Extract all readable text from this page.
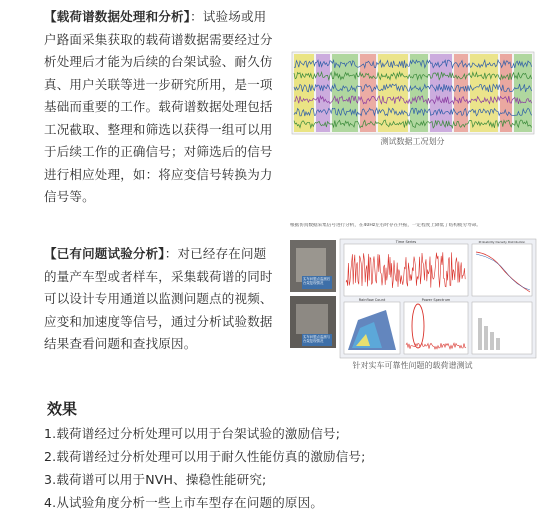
【载荷谱数据处理和分析】：试验场或用户路面采集获取的载荷谱数据需要经过分析处理后才能为后续的台架试验、耐久仿真、用户关联等进一步研究所用，是一项基础而重要的工作。载荷谱数据处理包括工况截取、整理和筛选以获得一组可以用于后续工作的正确信号；对筛选后的信号进行相应处理，如：将应变信号转换为力信号等。
测试数据工况划分
【已有问题试验分析】：对已经存在问题的量产车型或者样车，采集载荷谱的同时可以设计专用通道以监测问题点的视频、应变和加速度等信号，通过分析试验数据结果查看问题和查找原因。
根据仿真数据采集信号进行分析，在40Hz左右时存在共振，一定程度上降低了结构疲劳寿命。
实车问题点监测后台架复现情况
实车问题点监测与台架复现情况
Time Series	Probability Density Distribution
Rainflow Count	Power Spectrum
针对实车可靠性问题的载荷谱测试
效果
1.载荷谱经过分析处理可以用于台架试验的激励信号;
2.载荷谱经过分析处理可以用于耐久性能仿真的激励信号;
3.载荷谱可以用于NVH、操稳性能研究;
4.从试验角度分析一些上市车型存在问题的原因。
